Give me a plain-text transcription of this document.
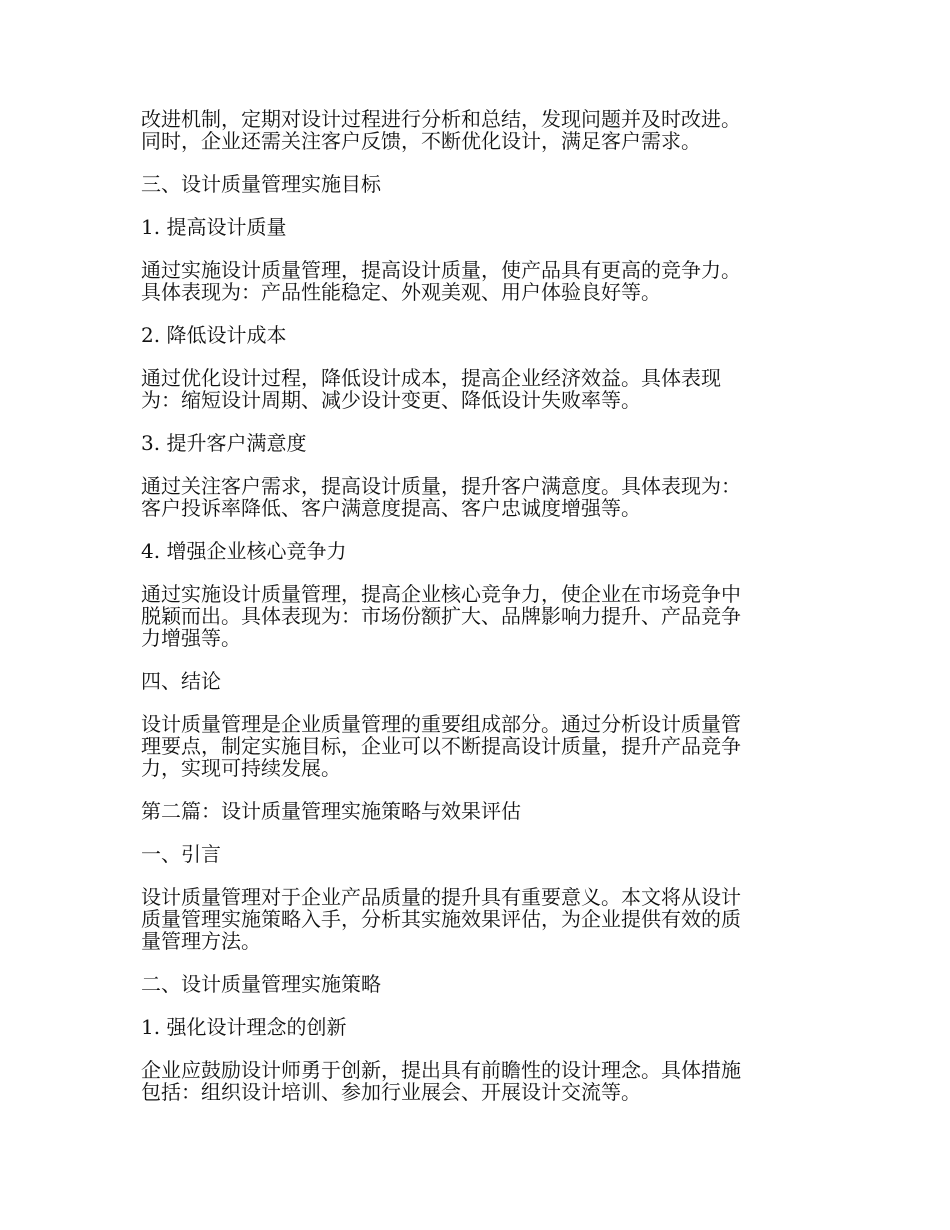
改进机制，定期对设计过程进行分析和总结，发现问题并及时改进。
同时，企业还需关注客户反馈，不断优化设计，满足客户需求。
三、设计质量管理实施目标
1. 提高设计质量
通过实施设计质量管理，提高设计质量，使产品具有更高的竞争力。
具体表现为：产品性能稳定、外观美观、用户体验良好等。
2. 降低设计成本
通过优化设计过程，降低设计成本，提高企业经济效益。具体表现
为：缩短设计周期、减少设计变更、降低设计失败率等。
3. 提升客户满意度
通过关注客户需求，提高设计质量，提升客户满意度。具体表现为：
客户投诉率降低、客户满意度提高、客户忠诚度增强等。
4. 增强企业核心竞争力
通过实施设计质量管理，提高企业核心竞争力，使企业在市场竞争中
脱颖而出。具体表现为：市场份额扩大、品牌影响力提升、产品竞争
力增强等。
四、结论
设计质量管理是企业质量管理的重要组成部分。通过分析设计质量管
理要点，制定实施目标，企业可以不断提高设计质量，提升产品竞争
力，实现可持续发展。
第二篇：设计质量管理实施策略与效果评估
一、引言
设计质量管理对于企业产品质量的提升具有重要意义。本文将从设计
质量管理实施策略入手，分析其实施效果评估，为企业提供有效的质
量管理方法。
二、设计质量管理实施策略
1. 强化设计理念的创新
企业应鼓励设计师勇于创新，提出具有前瞻性的设计理念。具体措施
包括：组织设计培训、参加行业展会、开展设计交流等。
